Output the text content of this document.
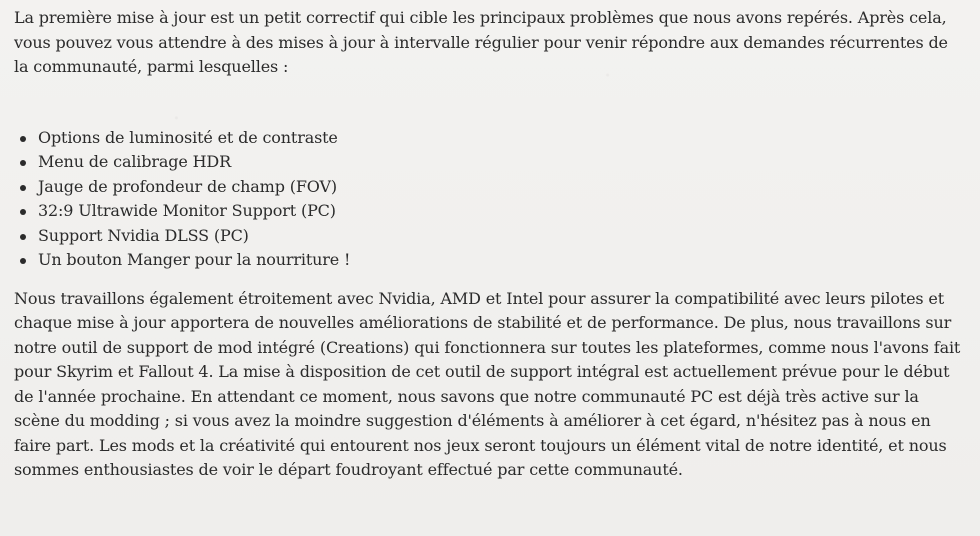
La première mise à jour est un petit correctif qui cible les principaux problèmes que nous avons repérés. Après cela, vous pouvez vous attendre à des mises à jour à intervalle régulier pour venir répondre aux demandes récurrentes de la communauté, parmi lesquelles :

Options de luminosité et de contraste
Menu de calibrage HDR
Jauge de profondeur de champ (FOV)
32:9 Ultrawide Monitor Support (PC)
Support Nvidia DLSS (PC)
Un bouton Manger pour la nourriture !

Nous travaillons également étroitement avec Nvidia, AMD et Intel pour assurer la compatibilité avec leurs pilotes et chaque mise à jour apportera de nouvelles améliorations de stabilité et de performance. De plus, nous travaillons sur notre outil de support de mod intégré (Creations) qui fonctionnera sur toutes les plateformes, comme nous l'avons fait pour Skyrim et Fallout 4. La mise à disposition de cet outil de support intégral est actuellement prévue pour le début de l'année prochaine. En attendant ce moment, nous savons que notre communauté PC est déjà très active sur la scène du modding ; si vous avez la moindre suggestion d'éléments à améliorer à cet égard, n'hésitez pas à nous en faire part. Les mods et la créativité qui entourent nos jeux seront toujours un élément vital de notre identité, et nous sommes enthousiastes de voir le départ foudroyant effectué par cette communauté.
